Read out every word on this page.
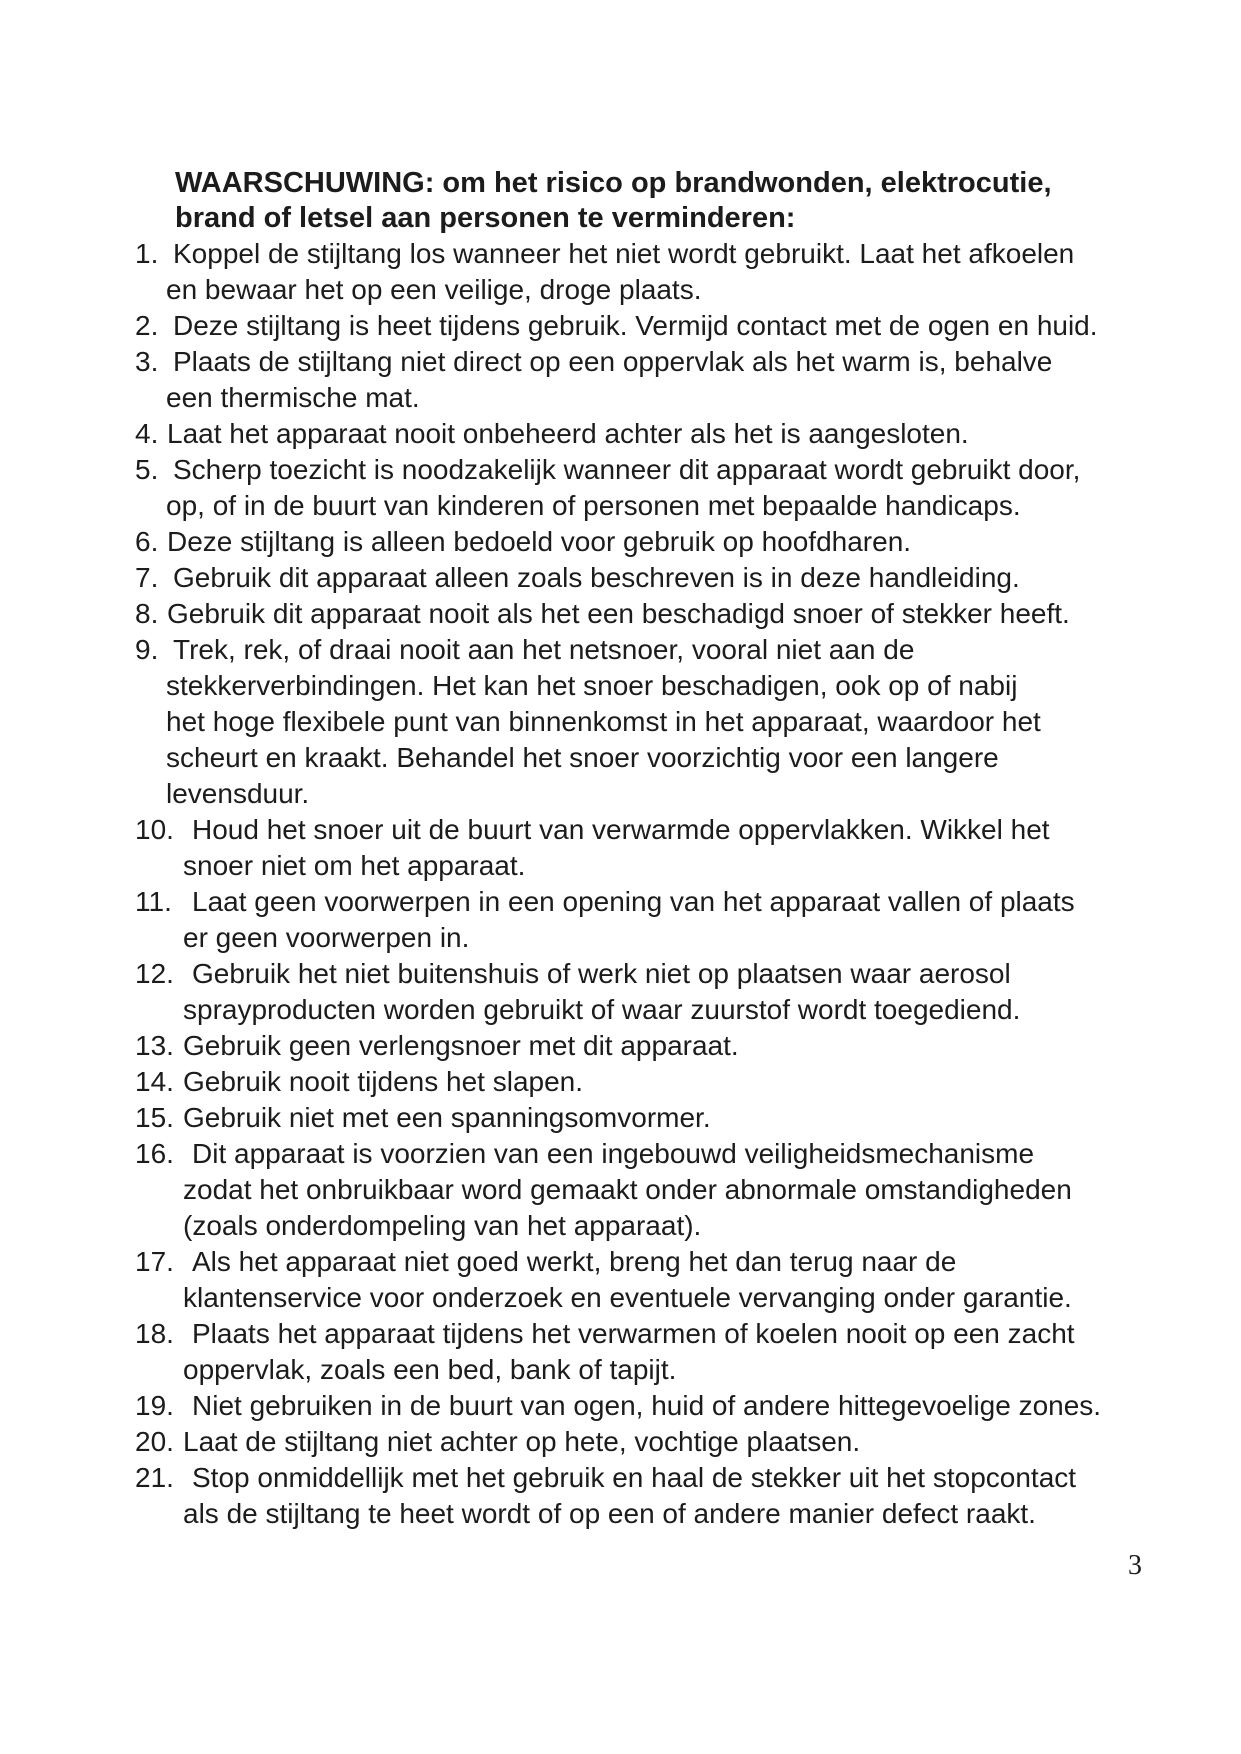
WAARSCHUWING: om het risico op brandwonden, elektrocutie,
brand of letsel aan personen te verminderen:
1. Koppel de stijltang los wanneer het niet wordt gebruikt. Laat het afkoelen
en bewaar het op een veilige, droge plaats.
2. Deze stijltang is heet tijdens gebruik. Vermijd contact met de ogen en huid.
3. Plaats de stijltang niet direct op een oppervlak als het warm is, behalve
een thermische mat.
4. Laat het apparaat nooit onbeheerd achter als het is aangesloten.
5. Scherp toezicht is noodzakelijk wanneer dit apparaat wordt gebruikt door,
op, of in de buurt van kinderen of personen met bepaalde handicaps.
6. Deze stijltang is alleen bedoeld voor gebruik op hoofdharen.
7. Gebruik dit apparaat alleen zoals beschreven is in deze handleiding.
8. Gebruik dit apparaat nooit als het een beschadigd snoer of stekker heeft.
9. Trek, rek, of draai nooit aan het netsnoer, vooral niet aan de
stekkerverbindingen. Het kan het snoer beschadigen, ook op of nabij
het hoge flexibele punt van binnenkomst in het apparaat, waardoor het
scheurt en kraakt. Behandel het snoer voorzichtig voor een langere
levensduur.
10. Houd het snoer uit de buurt van verwarmde oppervlakken. Wikkel het
snoer niet om het apparaat.
11. Laat geen voorwerpen in een opening van het apparaat vallen of plaats
er geen voorwerpen in.
12. Gebruik het niet buitenshuis of werk niet op plaatsen waar aerosol
sprayproducten worden gebruikt of waar zuurstof wordt toegediend.
13. Gebruik geen verlengsnoer met dit apparaat.
14. Gebruik nooit tijdens het slapen.
15. Gebruik niet met een spanningsomvormer.
16. Dit apparaat is voorzien van een ingebouwd veiligheidsmechanisme
zodat het onbruikbaar word gemaakt onder abnormale omstandigheden
(zoals onderdompeling van het apparaat).
17. Als het apparaat niet goed werkt, breng het dan terug naar de
klantenservice voor onderzoek en eventuele vervanging onder garantie.
18. Plaats het apparaat tijdens het verwarmen of koelen nooit op een zacht
oppervlak, zoals een bed, bank of tapijt.
19. Niet gebruiken in de buurt van ogen, huid of andere hittegevoelige zones.
20. Laat de stijltang niet achter op hete, vochtige plaatsen.
21. Stop onmiddellijk met het gebruik en haal de stekker uit het stopcontact
als de stijltang te heet wordt of op een of andere manier defect raakt.
3
